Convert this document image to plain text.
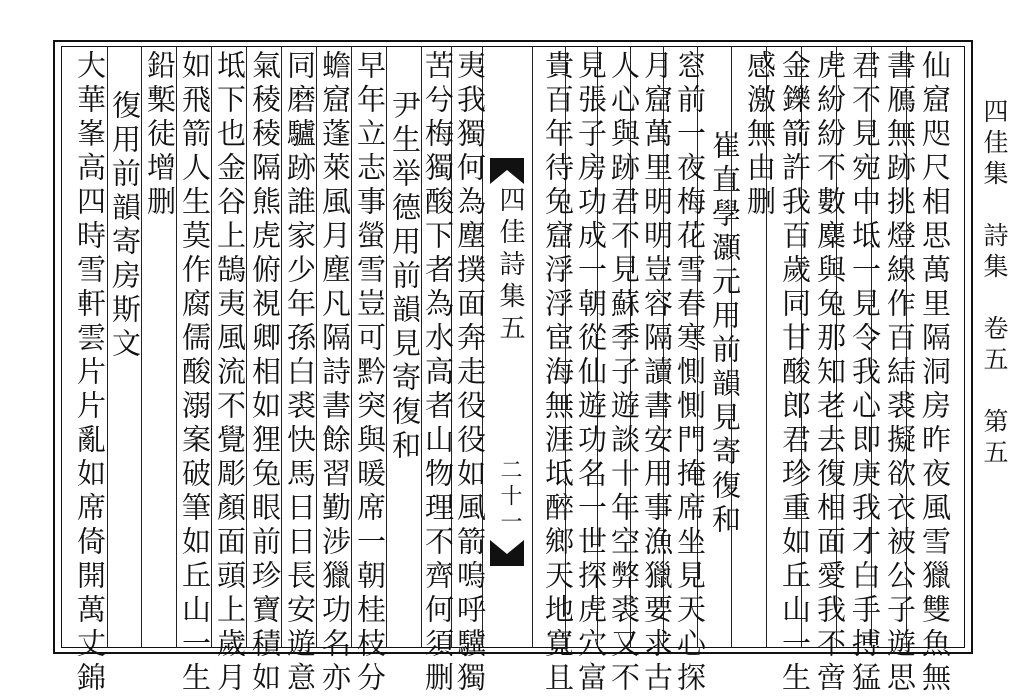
仙窟咫尺相思萬里隔洞房昨夜風雪獵雙魚無
書鴈無跡挑燈線作百結裘擬欲衣被公子遊思
君不見宛中坻一見令我心即庚我才白手搏猛
虎紛紛不數麋與兔那知老去復相面愛我不啻
金鑠箭許我百歲同甘酸郎君珍重如丘山一生
感激無由删
崔直學灝元用前韻見寄復和
窓前一夜梅花雪春寒惻惻門掩席坐見天心探
月窟萬里明明豈容隔讀書安用事漁獵要求古
人心與跡君不見蘇季子遊談十年空弊裘又不
見張子房功成一朝從仙遊功名一世探虎穴富
貴百年待兔窟浮浮宦海無涯坻醉鄉天地寬且
四佳詩集五
二十一
夷我獨何為塵撲面奔走役役如風箭嗚呼驥獨
苦兮梅獨酸下者為水高者山物理不齊何須删
尹生举德用前韻見寄復和
早年立志事螢雪豈可黔突與暖席一朝桂枝分
蟾窟蓬萊風月塵凡隔詩書餘習勤涉獵功名亦
同磨驢跡誰家少年孫白裘快馬日日長安遊意
氣稜稜隔熊虎俯視卿相如狸兔眼前珍寶積如
坻下也金谷上鵠夷風流不覺彫顏面頭上歲月
如飛箭人生莫作腐儒酸溺案破筆如丘山一生
鉛槧徒增删
復用前韻寄房斯文
大華峯高四時雪軒雲片片亂如席倚開萬丈錦	四佳集　詩集　卷五　第五
